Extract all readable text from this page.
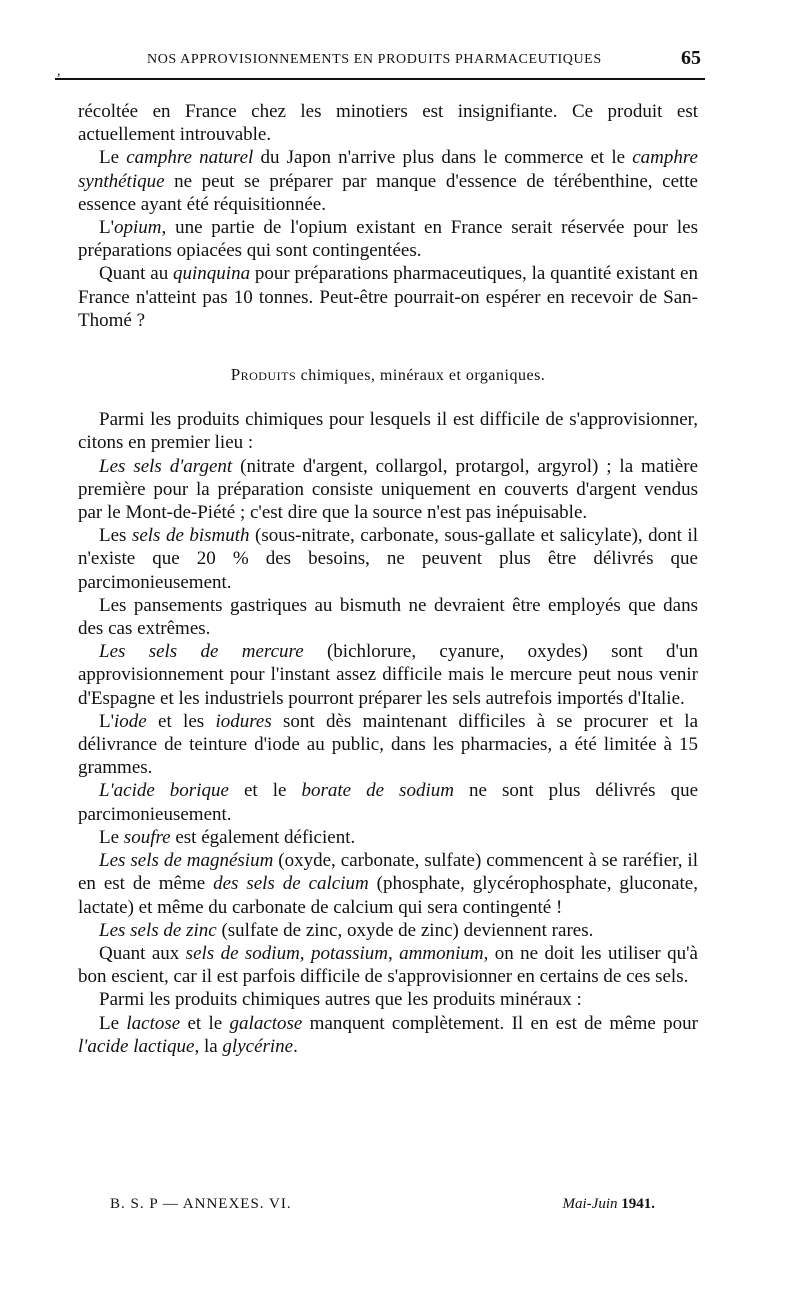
,
NOS APPROVISIONNEMENTS EN PRODUITS PHARMACEUTIQUES	65

récoltée en France chez les minotiers est insignifiante. Ce produit est actuellement introuvable.

Le camphre naturel du Japon n'arrive plus dans le commerce et le camphre synthétique ne peut se préparer par manque d'essence de térébenthine, cette essence ayant été réquisitionnée.

L'opium, une partie de l'opium existant en France serait réservée pour les préparations opiacées qui sont contingentées.

Quant au quinquina pour préparations pharmaceutiques, la quantité existant en France n'atteint pas 10 tonnes. Peut-être pourrait-on espérer en recevoir de San-Thomé ?

Produits chimiques, minéraux et organiques.

Parmi les produits chimiques pour lesquels il est difficile de s'approvisionner, citons en premier lieu :

Les sels d'argent (nitrate d'argent, collargol, protargol, argyrol) ; la matière première pour la préparation consiste uniquement en couverts d'argent vendus par le Mont-de-Piété ; c'est dire que la source n'est pas inépuisable.

Les sels de bismuth (sous-nitrate, carbonate, sous-gallate et salicylate), dont il n'existe que 20 % des besoins, ne peuvent plus être délivrés que parcimonieusement.

Les pansements gastriques au bismuth ne devraient être employés que dans des cas extrêmes.

Les sels de mercure (bichlorure, cyanure, oxydes) sont d'un approvisionnement pour l'instant assez difficile mais le mercure peut nous venir d'Espagne et les industriels pourront préparer les sels autrefois importés d'Italie.

L'iode et les iodures sont dès maintenant difficiles à se procurer et la délivrance de teinture d'iode au public, dans les pharmacies, a été limitée à 15 grammes.

L'acide borique et le borate de sodium ne sont plus délivrés que parcimonieusement.

Le soufre est également déficient.

Les sels de magnésium (oxyde, carbonate, sulfate) commencent à se raréfier, il en est de même des sels de calcium (phosphate, glycérophosphate, gluconate, lactate) et même du carbonate de calcium qui sera contingenté !

Les sels de zinc (sulfate de zinc, oxyde de zinc) deviennent rares.

Quant aux sels de sodium, potassium, ammonium, on ne doit les utiliser qu'à bon escient, car il est parfois difficile de s'approvisionner en certains de ces sels.

Parmi les produits chimiques autres que les produits minéraux :

Le lactose et le galactose manquent complètement. Il en est de même pour l'acide lactique, la glycérine.

B. S. P — ANNEXES. VI.	Mai-Juin 1941.
